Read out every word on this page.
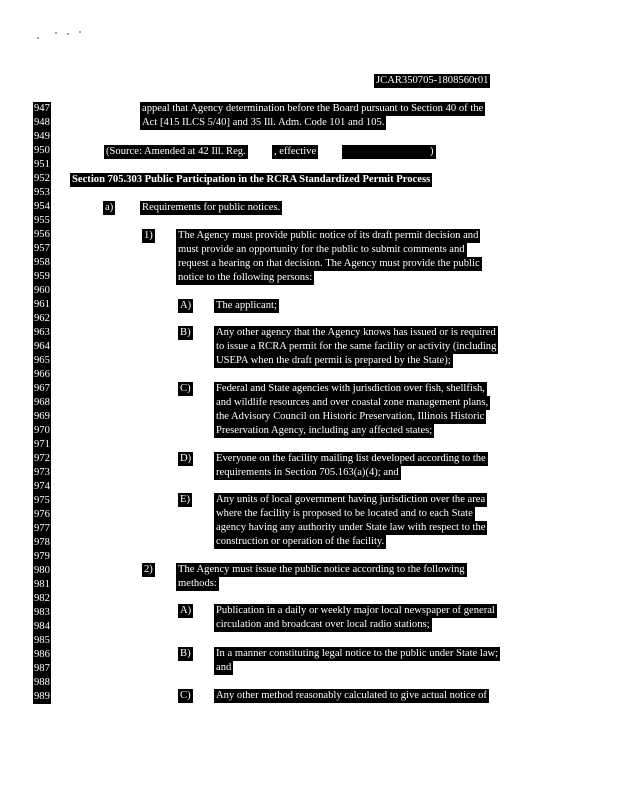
JCAR350705-1808560r01
947
948
949
950
951
952
953
954
955
956
957
958
959
960
961
962
963
964
965
966
967
968
969
970
971
972
973
974
975
976
977
978
979
980
981
982
983
984
985
986
987
988
989
appeal that Agency determination before the Board pursuant to Section 40 of the
Act [415 ILCS 5/40] and 35 Ill. Adm. Code 101 and 105.
(Source: Amended at 42 Ill. Reg.	, effective	)
Section 705.303 Public Participation in the RCRA Standardized Permit Process
a)	Requirements for public notices.
1) The Agency must provide public notice of its draft permit decision and
must provide an opportunity for the public to submit comments and
request a hearing on that decision. The Agency must provide the public
notice to the following persons:
A) The applicant;
B) Any other agency that the Agency knows has issued or is required
to issue a RCRA permit for the same facility or activity (including
USEPA when the draft permit is prepared by the State);
C) Federal and State agencies with jurisdiction over fish, shellfish,
and wildlife resources and over coastal zone management plans,
the Advisory Council on Historic Preservation, Illinois Historic
Preservation Agency, including any affected states;
D) Everyone on the facility mailing list developed according to the
requirements in Section 705.163(a)(4); and
E) Any units of local government having jurisdiction over the area
where the facility is proposed to be located and to each State
agency having any authority under State law with respect to the
construction or operation of the facility.
2) The Agency must issue the public notice according to the following
methods:
A) Publication in a daily or weekly major local newspaper of general
circulation and broadcast over local radio stations;
B) In a manner constituting legal notice to the public under State law;
and
C) Any other method reasonably calculated to give actual notice of
